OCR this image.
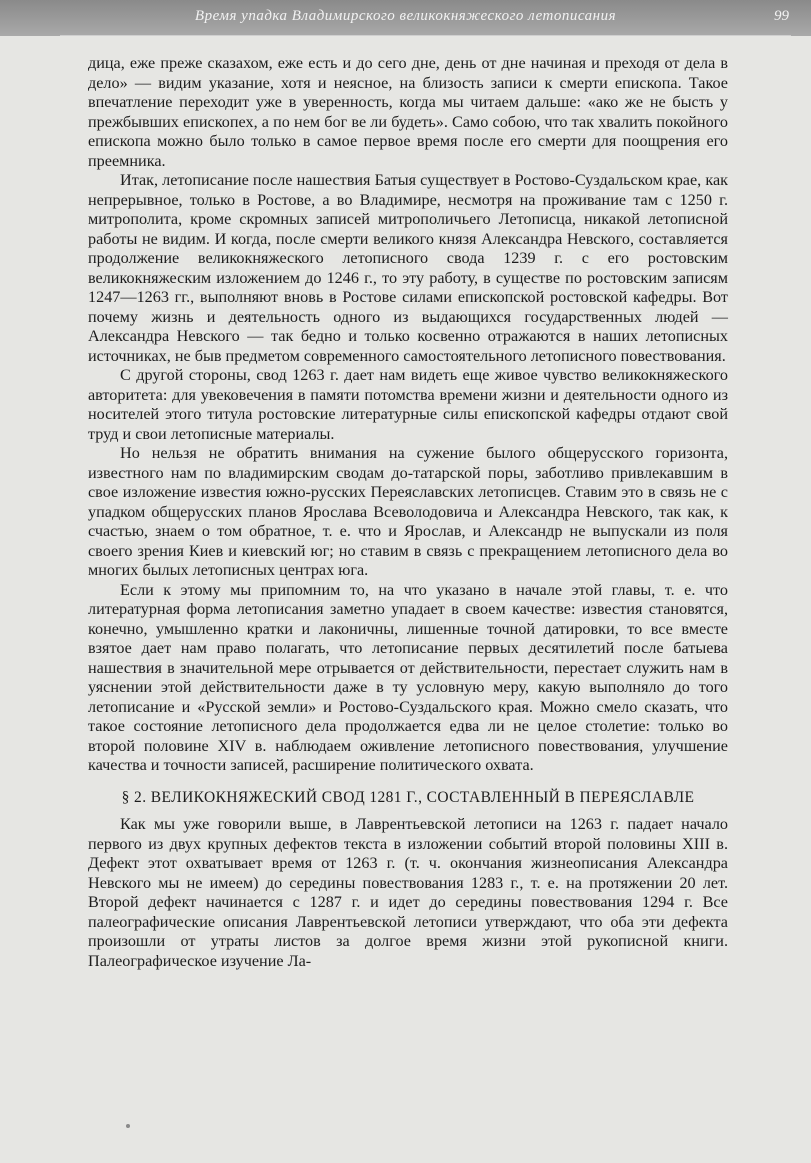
Время упадка Владимирского великокняжеского летописания	99

дица, еже преже сказахом, еже есть и до сего дне, день от дне начиная и преходя от дела в дело» — видим указание, хотя и неясное, на близость записи к смерти епископа. Такое впечатление переходит уже в уверенность, когда мы читаем дальше: «ако же не бысть у прежбывших епископех, а по нем бог ве ли будеть». Само собою, что так хвалить покойного епископа можно было только в самое первое время после его смерти для поощрения его преемника.

Итак, летописание после нашествия Батыя существует в Ростово-Суздальском крае, как непрерывное, только в Ростове, а во Владимире, несмотря на проживание там с 1250 г. митрополита, кроме скромных записей митрополичьего Летописца, никакой летописной работы не видим. И когда, после смерти великого князя Александра Невского, составляется продолжение великокняжеского летописного свода 1239 г. с его ростовским великокняжеским изложением до 1246 г., то эту работу, в существе по ростовским записям 1247—1263 гг., выполняют вновь в Ростове силами епископской ростовской кафедры. Вот почему жизнь и деятельность одного из выдающихся государственных людей — Александра Невского — так бедно и только косвенно отражаются в наших летописных источниках, не быв предметом современного самостоятельного летописного повествования.

С другой стороны, свод 1263 г. дает нам видеть еще живое чувство великокняжеского авторитета: для увековечения в памяти потомства времени жизни и деятельности одного из носителей этого титула ростовские литературные силы епископской кафедры отдают свой труд и свои летописные материалы.

Но нельзя не обратить внимания на сужение былого общерусского горизонта, известного нам по владимирским сводам до-татарской поры, заботливо привлекавшим в свое изложение известия южно-русских Переяславских летописцев. Ставим это в связь не с упадком общерусских планов Ярослава Всеволодовича и Александра Невского, так как, к счастью, знаем о том обратное, т. е. что и Ярослав, и Александр не выпускали из поля своего зрения Киев и киевский юг; но ставим в связь с прекращением летописного дела во многих былых летописных центрах юга.

Если к этому мы припомним то, на что указано в начале этой главы, т. е. что литературная форма летописания заметно упадает в своем качестве: известия становятся, конечно, умышленно кратки и лаконичны, лишенные точной датировки, то все вместе взятое дает нам право полагать, что летописание первых десятилетий после батыева нашествия в значительной мере отрывается от действительности, перестает служить нам в уяснении этой действительности даже в ту условную меру, какую выполняло до того летописание и «Русской земли» и Ростово-Суздальского края. Можно смело сказать, что такое состояние летописного дела продолжается едва ли не целое столетие: только во второй половине XIV в. наблюдаем оживление летописного повествования, улучшение качества и точности записей, расширение политического охвата.

§ 2. ВЕЛИКОКНЯЖЕСКИЙ СВОД 1281 Г., СОСТАВЛЕННЫЙ В ПЕРЕЯСЛАВЛЕ

Как мы уже говорили выше, в Лаврентьевской летописи на 1263 г. падает начало первого из двух крупных дефектов текста в изложении событий второй половины XIII в. Дефект этот охватывает время от 1263 г. (т. ч. окончания жизнеописания Александра Невского мы не имеем) до середины повествования 1283 г., т. е. на протяжении 20 лет. Второй дефект начинается с 1287 г. и идет до середины повествования 1294 г. Все палеографические описания Лаврентьевской летописи утверждают, что оба эти дефекта произошли от утраты листов за долгое время жизни этой рукописной книги. Палеографическое изучение Ла-
